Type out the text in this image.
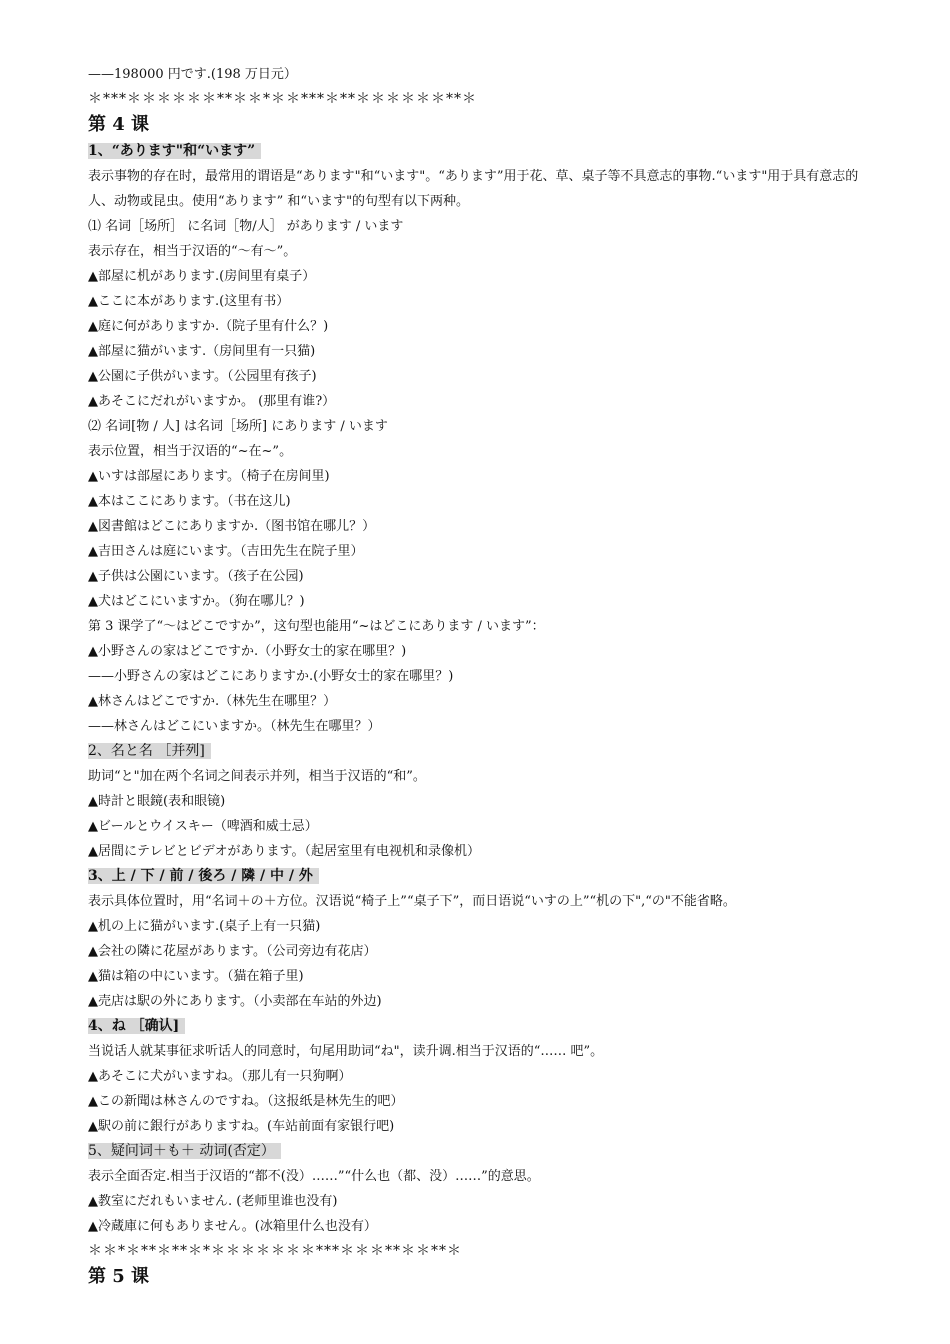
——198000 円です.(198 万日元）
＊***＊＊＊＊＊＊**＊＊*＊＊***＊**＊＊＊＊＊＊**＊
第 4 课
1、“あります"和“います”
表示事物的存在时，最常用的谓语是“あります"和“います"。“あります”用于花、草、桌子等不具意志的事物.“います"用于具有意志的人、动物或昆虫。使用“あります” 和“います"的句型有以下两种。
⑴ 名词［场所］ に名词［物/人］ があります / います
表示存在，相当于汉语的“～有～”。
▲部屋に机があります.(房间里有桌子）
▲ここに本があります.(这里有书）
▲庭に何がありますか.（院子里有什么？)
▲部屋に猫がいます.（房间里有一只猫)
▲公園に子供がいます。（公园里有孩子)
▲あそこにだれがいますか。 (那里有谁?）
⑵ 名词[物 / 人] は名词［场所] にあります / います
表示位置，相当于汉语的“~在~”。
▲いすは部屋にあります。（椅子在房间里)
▲本はここにあります。（书在这儿)
▲図書館はどこにありますか.（图书馆在哪儿？）
▲吉田さんは庭にいます。（吉田先生在院子里）
▲子供は公園にいます。（孩子在公园)
▲犬はどこにいますか。（狗在哪儿？)
第 3 课学了“～はどこですか”，这句型也能用“~はどこにあります / います”：
▲小野さんの家はどこですか.（小野女士的家在哪里？)
——小野さんの家はどこにありますか.(小野女士的家在哪里？)
▲林さんはどこですか.（林先生在哪里？）
——林さんはどこにいますか。（林先生在哪里？）
2、名と名 ［并列]
助词“と"加在两个名词之间表示并列，相当于汉语的“和”。
▲時計と眼鏡(表和眼镜)
▲ビールとウイスキー（啤酒和威士忌）
▲居間にテレビとビデオがあります。（起居室里有电视机和录像机）
3、上 / 下 / 前 / 後ろ / 隣 / 中 / 外
表示具体位置时，用“名词＋の＋方位。汉语说“椅子上”“桌子下”，而日语说“いすの上”“机の下",“の"不能省略。
▲机の上に猫がいます.(桌子上有一只猫)
▲会社の隣に花屋があります。（公司旁边有花店）
▲猫は箱の中にいます。（猫在箱子里)
▲売店は駅の外にあります。（小卖部在车站的外边)
4、ね ［确认]
当说话人就某事征求听话人的同意时，句尾用助词“ね"，读升调.相当于汉语的“…… 吧”。
▲あそこに犬がいますね。（那儿有一只狗啊）
▲この新聞は林さんのですね。（这报纸是林先生的吧）
▲駅の前に銀行がありますね。(车站前面有家银行吧)
5、疑问词＋も＋ 动词(否定）
表示全面否定.相当于汉语的“都不(没）……”“什么也（都、没）……”的意思。
▲教室にだれもいません. (老师里谁也没有)
▲冷蔵庫に何もありません。(冰箱里什么也没有）
＊＊*＊**＊**＊*＊＊＊＊＊＊＊***＊＊＊**＊＊**＊
第 5 课
